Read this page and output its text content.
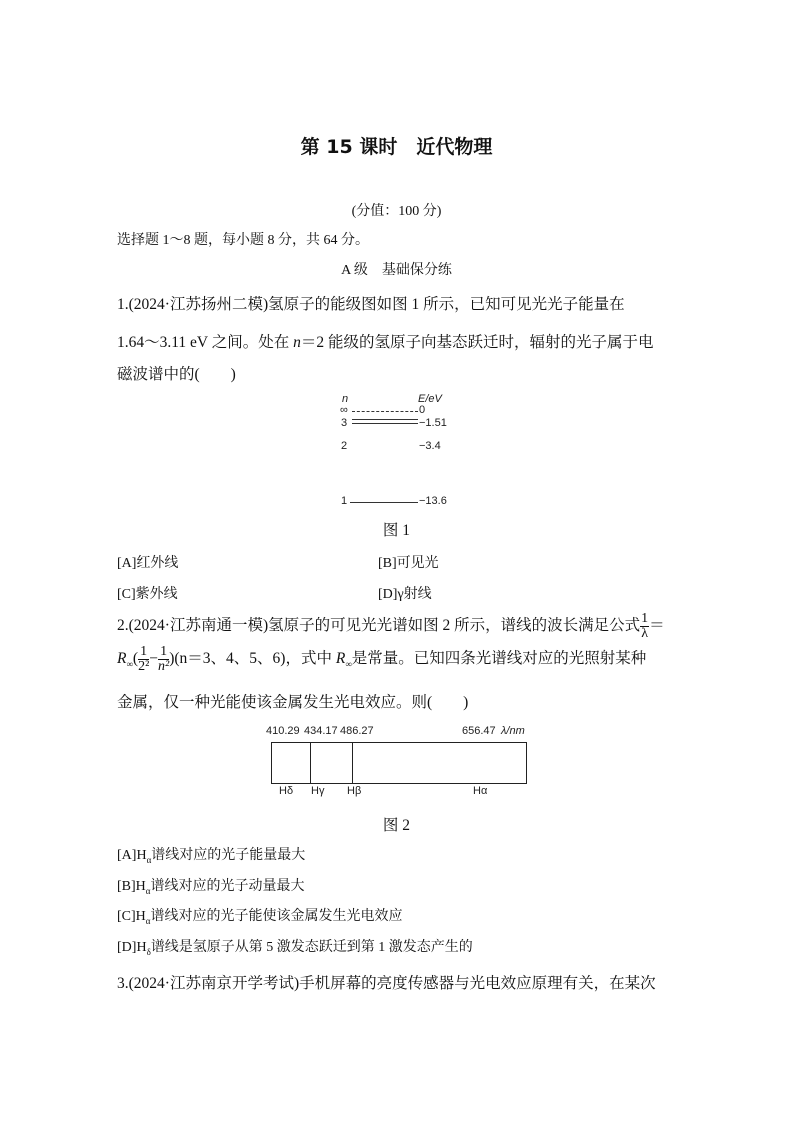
第 15 课时　近代物理
(分值：100 分)
选择题 1～8 题，每小题 8 分，共 64 分。
A 级　基础保分练
1.(2024·江苏扬州二模)氢原子的能级图如图 1 所示，已知可见光光子能量在
1.64～3.11 eV 之间。处在 n＝2 能级的氢原子向基态跃迁时，辐射的光子属于电
磁波谱中的(　　)
n	E/eV
∞	0
3	−1.51
2	−3.4
1	−13.6
图 1
[A]红外线	[B]可见光
[C]紫外线	[D]γ射线
2.(2024·江苏南通一模)氢原子的可见光光谱如图 2 所示，谱线的波长满足公式 $\frac{1}{\lambda}$ ＝
$R_\infty( \frac{1}{\text{2²}} - \frac{1}{\text{n²}})(n=3$、4、5、6)，式中 $R_\infty$是常量。已知四条光谱线对应的光照射某种
金属，仅一种光能使该金属发生光电效应。则(　　)
410.29 434.17 486.27	656.47 λ/nm
Hδ Hγ Hβ	Hα
图 2
$[A]H_\alpha$谱线对应的光子能量最大
$[B]H_\alpha$谱线对应的光子动量最大
$[C]H_\alpha$谱线对应的光子能使该金属发生光电效应
$[D]H_\delta$谱线是氢原子从第 5 激发态跃迁到第 1 激发态产生的
3.(2024·江苏南京开学考试)手机屏幕的亮度传感器与光电效应原理有关，在某次
